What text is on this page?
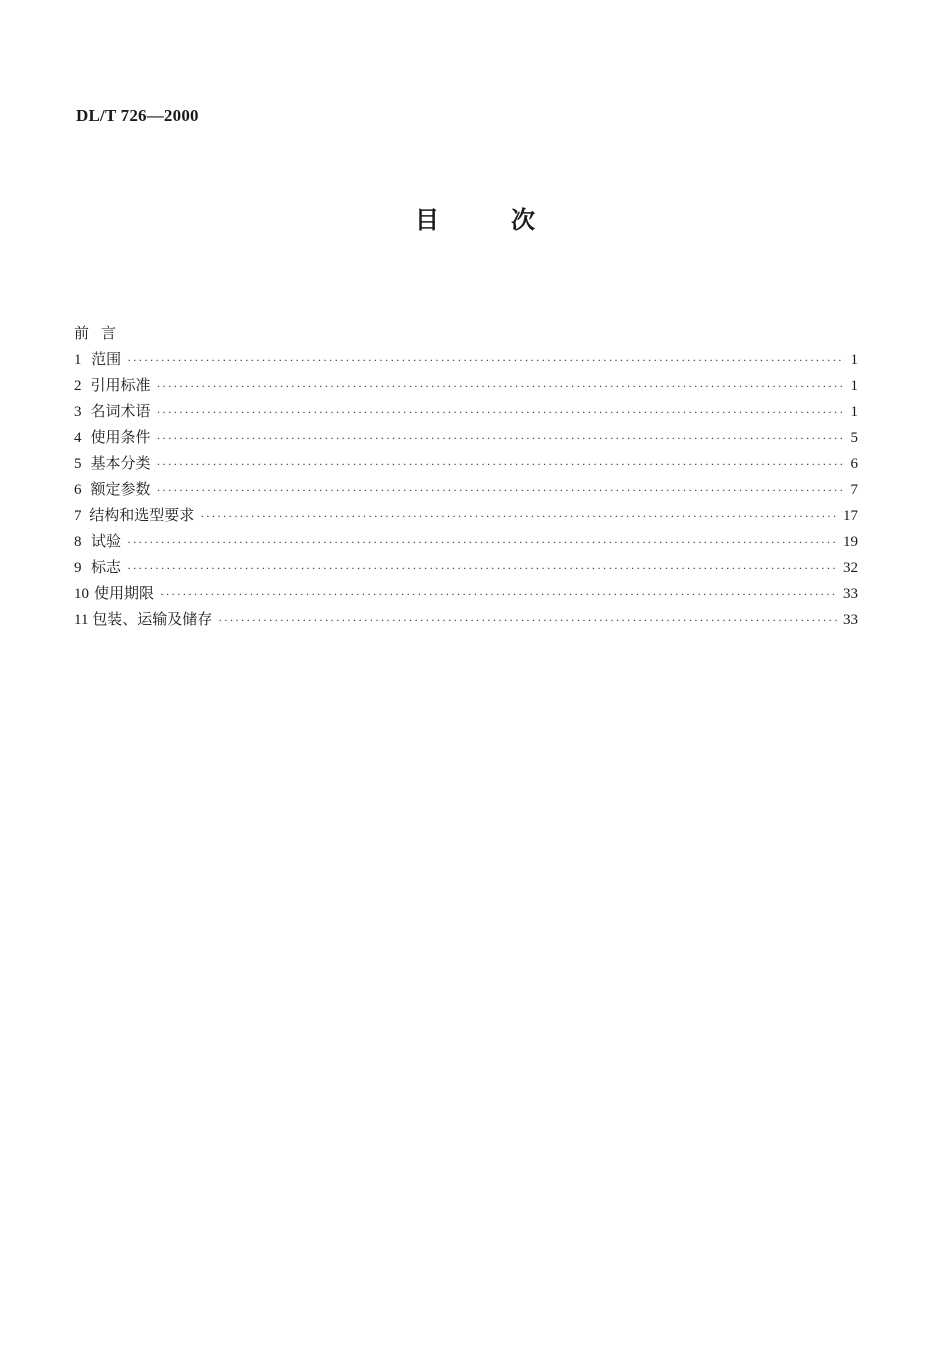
DL/T 726—2000
目	次
前言
1 范围 ·····	1
2 引用标准 ·····	1
3 名词术语 ·····	1
4 使用条件 ·····	5
5 基本分类 ·····	6
6 额定参数 ·····	7
7 结构和选型要求 ·····	17
8 试验 ·····	19
9 标志 ·····	32
10 使用期限 ·····	33
11 包装、运输及储存 ·····	33
